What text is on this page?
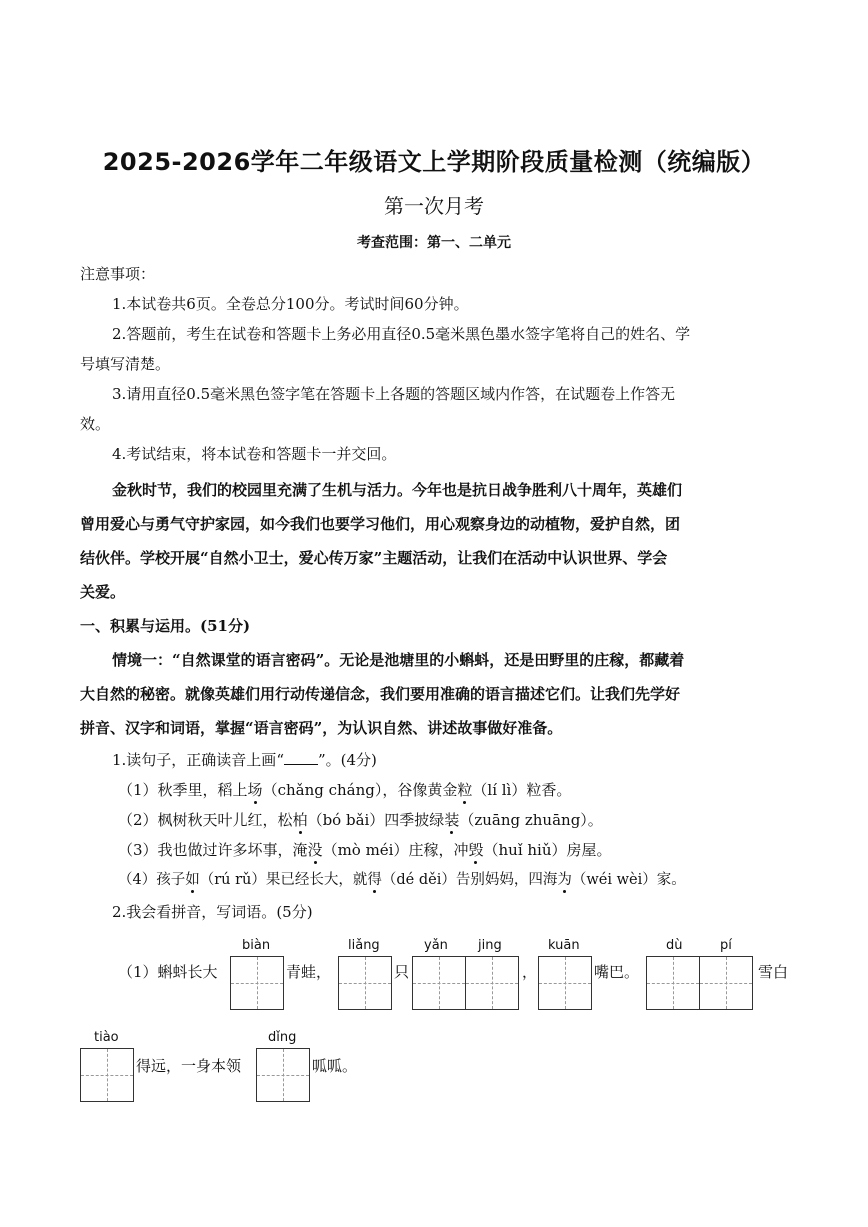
2025-2026学年二年级语文上学期阶段质量检测（统编版）
第一次月考
考查范围：第一、二单元
注意事项：
1.本试卷共6页。全卷总分100分。考试时间60分钟。
2.答题前，考生在试卷和答题卡上务必用直径0.5毫米黑色墨水签字笔将自己的姓名、学
号填写清楚。
3.请用直径0.5毫米黑色签字笔在答题卡上各题的答题区域内作答，在试题卷上作答无
效。
4.考试结束，将本试卷和答题卡一并交回。
金秋时节，我们的校园里充满了生机与活力。今年也是抗日战争胜利八十周年，英雄们
曾用爱心与勇气守护家园，如今我们也要学习他们，用心观察身边的动植物，爱护自然，团
结伙伴。学校开展“自然小卫士，爱心传万家”主题活动，让我们在活动中认识世界、学会
关爱。
一、积累与运用。(51分)
情境一：“自然课堂的语言密码”。无论是池塘里的小蝌蚪，还是田野里的庄稼，都藏着
大自然的秘密。就像英雄们用行动传递信念，我们要用准确的语言描述它们。让我们先学好
拼音、汉字和词语，掌握“语言密码”，为认识自然、讲述故事做好准备。
1.读句子，正确读音上画“ ”。(4分)
（1）秋季里，稻上场（chǎng cháng），谷像黄金粒（lí lì）粒香。
（2）枫树秋天叶儿红，松柏（bó bǎi）四季披绿装（zuāng zhuāng）。
（3）我也做过许多坏事，淹没（mò méi）庄稼，冲毁（huǐ hiǔ）房屋。
（4）孩子如（rú rǔ）果已经长大，就得（dé děi）告别妈妈，四海为（wéi wèi）家。
2.我会看拼音，写词语。(5分)
biàn	liǎng	yǎn jing	kuān	dù	pí
（1）蝌蚪长大	青蛙，	只	，	嘴巴。	雪白
tiào	dǐng
得远，一身本领	呱呱。
